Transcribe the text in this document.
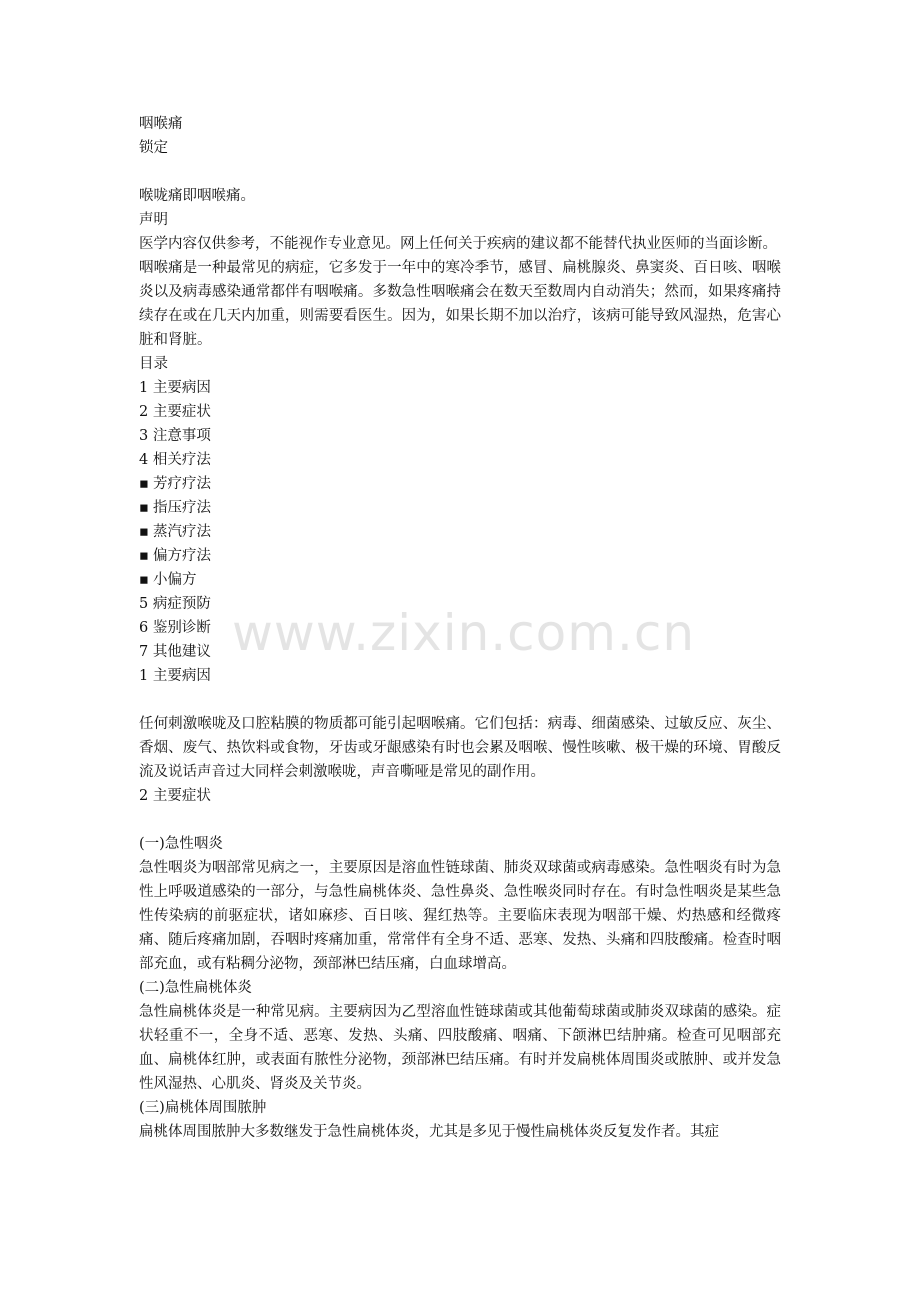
www.zixin.com.cn

咽喉痛

锁定

喉咙痛即咽喉痛。

声明

医学内容仅供参考，不能视作专业意见。网上任何关于疾病的建议都不能替代执业医师的当面诊断。

咽喉痛是一种最常见的病症，它多发于一年中的寒冷季节，感冒、扁桃腺炎、鼻窦炎、百日咳、咽喉炎以及病毒感染通常都伴有咽喉痛。多数急性咽喉痛会在数天至数周内自动消失；然而，如果疼痛持续存在或在几天内加重，则需要看医生。因为，如果长期不加以治疗，该病可能导致风湿热，危害心脏和肾脏。

目录

1 主要病因

2 主要症状

3 注意事项

4 相关疗法

▪ 芳疗疗法

▪ 指压疗法

▪ 蒸汽疗法

▪ 偏方疗法

▪ 小偏方

5 病症预防

6 鉴别诊断

7 其他建议

1 主要病因

任何刺激喉咙及口腔粘膜的物质都可能引起咽喉痛。它们包括：病毒、细菌感染、过敏反应、灰尘、香烟、废气、热饮料或食物，牙齿或牙龈感染有时也会累及咽喉、慢性咳嗽、极干燥的环境、胃酸反流及说话声音过大同样会刺激喉咙，声音嘶哑是常见的副作用。

2 主要症状

(一)急性咽炎

急性咽炎为咽部常见病之一，主要原因是溶血性链球菌、肺炎双球菌或病毒感染。急性咽炎有时为急性上呼吸道感染的一部分，与急性扁桃体炎、急性鼻炎、急性喉炎同时存在。有时急性咽炎是某些急性传染病的前驱症状，诸如麻疹、百日咳、猩红热等。主要临床表现为咽部干燥、灼热感和经微疼痛、随后疼痛加剧，吞咽时疼痛加重，常常伴有全身不适、恶寒、发热、头痛和四肢酸痛。检查时咽部充血，或有粘稠分泌物，颈部淋巴结压痛，白血球增高。

(二)急性扁桃体炎

急性扁桃体炎是一种常见病。主要病因为乙型溶血性链球菌或其他葡萄球菌或肺炎双球菌的感染。症状轻重不一，全身不适、恶寒、发热、头痛、四肢酸痛、咽痛、下颌淋巴结肿痛。检查可见咽部充血、扁桃体红肿，或表面有脓性分泌物，颈部淋巴结压痛。有时并发扁桃体周围炎或脓肿、或并发急性风湿热、心肌炎、肾炎及关节炎。

(三)扁桃体周围脓肿

扁桃体周围脓肿大多数继发于急性扁桃体炎，尤其是多见于慢性扁桃体炎反复发作者。其症
